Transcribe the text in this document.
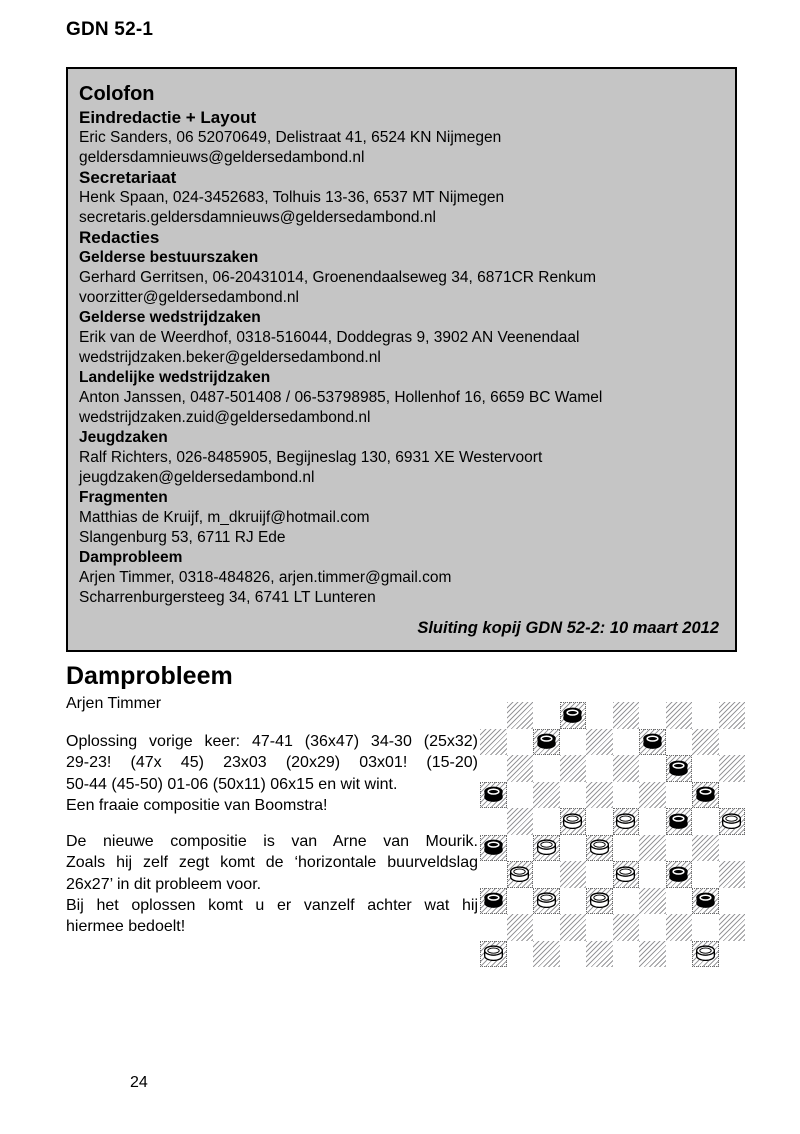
GDN 52-1
Colofon
Eindredactie + Layout
Eric Sanders, 06 52070649, Delistraat 41, 6524 KN Nijmegen
geldersdamnieuws@geldersedambond.nl
Secretariaat
Henk Spaan, 024-3452683, Tolhuis 13-36, 6537 MT Nijmegen
secretaris.geldersdamnieuws@geldersedambond.nl
Redacties
Gelderse bestuurszaken
Gerhard Gerritsen, 06-20431014, Groenendaalseweg 34, 6871CR Renkum
voorzitter@geldersedambond.nl
Gelderse wedstrijdzaken
Erik van de Weerdhof, 0318-516044, Doddegras 9, 3902 AN Veenendaal
wedstrijdzaken.beker@geldersedambond.nl
Landelijke wedstrijdzaken
Anton Janssen, 0487-501408 / 06-53798985, Hollenhof 16, 6659 BC Wamel
wedstrijdzaken.zuid@geldersedambond.nl
Jeugdzaken
Ralf Richters, 026-8485905, Begijneslag 130, 6931 XE Westervoort
jeugdzaken@geldersedambond.nl
Fragmenten
Matthias de Kruijf, m_dkruijf@hotmail.com
Slangenburg 53, 6711 RJ Ede
Damprobleem
Arjen Timmer, 0318-484826, arjen.timmer@gmail.com
Scharrenburgersteeg 34, 6741 LT Lunteren
Sluiting kopij GDN 52-2: 10 maart 2012
Damprobleem
Arjen Timmer
Oplossing vorige keer: 47-41 (36x47) 34-30 (25x32)
29-23! (47x 45) 23x03 (20x29) 03x01! (15-20)
50-44 (45-50) 01-06 (50x11) 06x15 en wit wint.
Een fraaie compositie van Boomstra!
De nieuwe compositie is van Arne van Mourik.
Zoals hij zelf zegt komt de ‘horizontale buurveldslag
26x27’ in dit probleem voor.
Bij het oplossen komt u er vanzelf achter wat hij
hiermee bedoelt!
24
